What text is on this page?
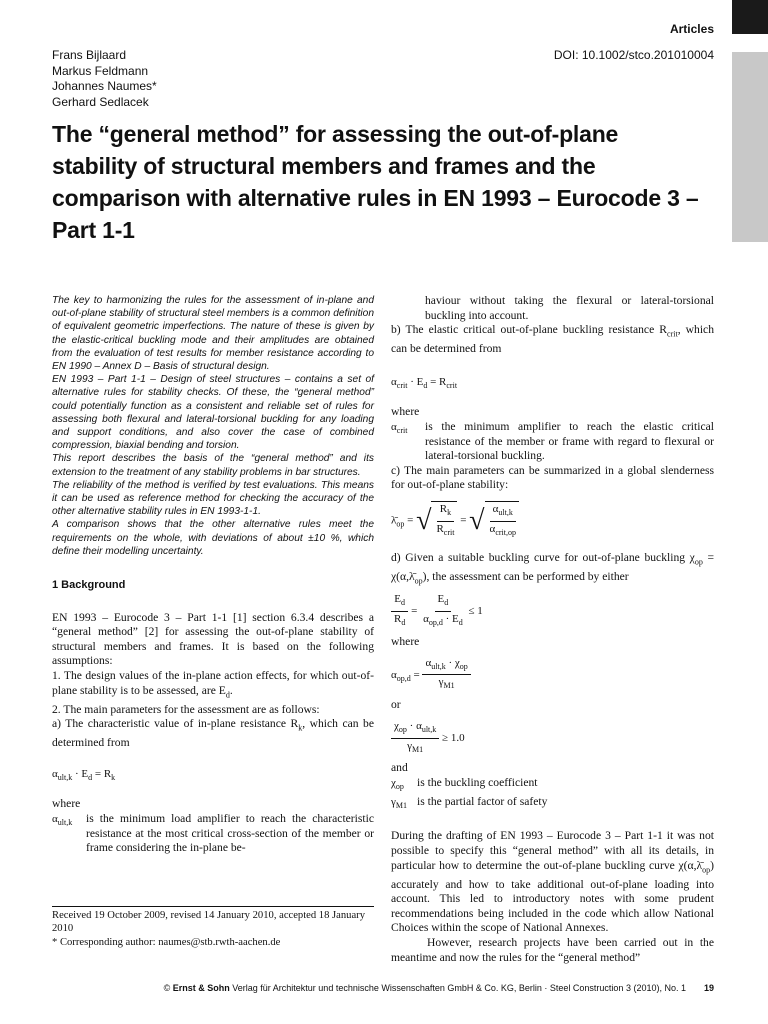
Articles
Frans Bijlaard
Markus Feldmann
Johannes Naumes*
Gerhard Sedlacek
DOI: 10.1002/stco.201010004
The “general method” for assessing the out-of-plane stability of structural members and frames and the comparison with alternative rules in EN 1993 – Eurocode 3 – Part 1-1

The key to harmonizing the rules for the assessment of in-plane and out-of-plane stability of structural steel members is a common definition of equivalent geometric imperfections. The nature of these is given by the elastic-critical buckling mode and their amplitudes are obtained from the evaluation of test results for member resistance according to EN 1990 – Annex D – Basis of structural design.

EN 1993 – Part 1-1 – Design of steel structures – contains a set of alternative rules for stability checks. Of these, the “general method” could potentially function as a consistent and reliable set of rules for assessing both flexural and lateral-torsional buckling for any loading and support conditions, and also cover the case of combined compression, biaxial bending and torsion.

This report describes the basis of the “general method” and its extension to the treatment of any stability problems in bar structures.

The reliability of the method is verified by test evaluations. This means it can be used as reference method for checking the accuracy of the other alternative stability rules in EN 1993-1-1.

A comparison shows that the other alternative rules meet the requirements on the whole, with deviations of about ±10 %, which define their modelling uncertainty.

1 Background

EN 1993 – Eurocode 3 – Part 1-1 [1] section 6.3.4 describes a “general method” [2] for assessing the out-of-plane stability of structural members and frames. It is based on the following assumptions:

1. The design values of the in-plane action effects, for which out-of-plane stability is to be assessed, are $E_d$.

2. The main parameters for the assessment are as follows:

a) The characteristic value of in-plane resistance $R_k$, which can be determined from

$\alpha_{ult,k} \cdot E_d = R_k$

where

$\alpha_{ult,k}$	is the minimum load amplifier to reach the characteristic resistance at the most critical cross-section of the member or frame considering the in-plane be-
Received 19 October 2009, revised 14 January 2010, accepted 18 January 2010
* Corresponding author: naumes@stb.rwth-aachen.de

haviour without taking the flexural or lateral-torsional buckling into account.

b) The elastic critical out-of-plane buckling resistance $R_{crit}$, which can be determined from

$\alpha_{crit} \cdot E_d = R_{crit}$

where

$\alpha_{crit}$	is the minimum amplifier to reach the elastic critical resistance of the member or frame with regard to flexural or lateral-torsional buckling.

c) The main parameters can be summarized in a global slenderness for out-of-plane stability:

$\lambdā_{op}$ = √ $\frac{R_k}{R_{crit}}$ = √ $\frac{\alpha_{ult,k}}{\alpha_{crit,op}}$

d) Given a suitable buckling curve for out-of-plane buckling $\chi_{op}$ = $\chi(\alpha,\lambdā_{op})$, the assessment can be performed by either

$\frac{E_d}{R_d} = \frac{E_d}{\alpha_{op,d} \cdot E_d} \le 1$

where

$\alpha_{op,d} = \frac{\alpha_{ult,k} \cdot \chi_{op}}{\gamma_{M1}}$

or

$\frac{\chi_{op} \cdot \alpha_{ult,k}}{\gamma_{M1}} \ge 1.0$

and

$\chi_{op}$	is the buckling coefficient
$\gamma_{M1}$ is the partial factor of safety

During the drafting of EN 1993 – Eurocode 3 – Part 1-1 it was not possible to specify this “general method” with all its details, in particular how to determine the out-of-plane buckling curve $\chi(\alpha,\lambdā_{op})$ accurately and how to take additional out-of-plane loading into account. This led to introductory notes with some prudent recommendations being included in the code which allow National Choices within the scope of National Annexes.

However, research projects have been carried out in the meantime and now the rules for the “general method”

© Ernst & Sohn Verlag für Architektur und technische Wissenschaften GmbH & Co. KG, Berlin · Steel Construction 3 (2010), No. 1 19
